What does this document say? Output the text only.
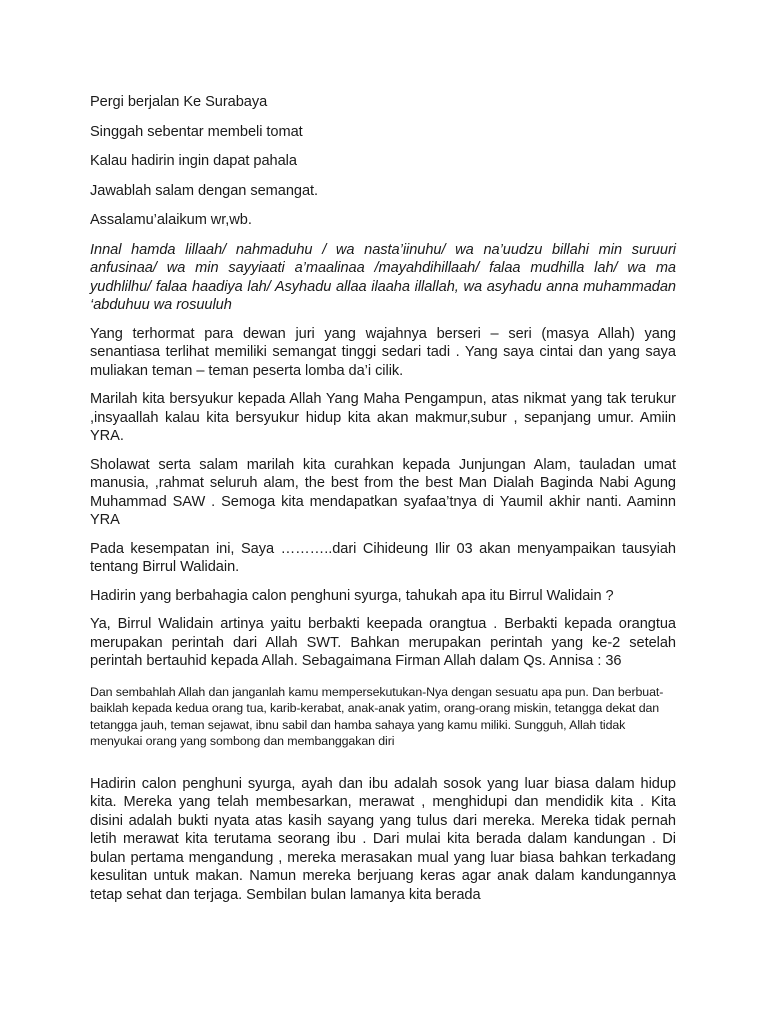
Pergi berjalan Ke Surabaya

Singgah sebentar membeli tomat

Kalau hadirin ingin dapat pahala

Jawablah salam dengan semangat.

Assalamu’alaikum wr,wb.

Innal hamda lillaah/ nahmaduhu / wa nasta’iinuhu/ wa na’uudzu billahi min suruuri anfusinaa/ wa min sayyiaati a’maalinaa /mayahdihillaah/ falaa mudhilla lah/ wa ma yudhlilhu/ falaa haadiya lah/ Asyhadu allaa ilaaha illallah, wa asyhadu anna muhammadan ‘abduhuu wa rosuuluh

Yang terhormat para dewan juri yang wajahnya berseri – seri (masya Allah) yang senantiasa terlihat memiliki semangat tinggi sedari tadi . Yang saya cintai dan yang saya muliakan teman – teman peserta lomba da’i cilik.

Marilah kita bersyukur kepada Allah Yang Maha Pengampun, atas nikmat yang tak terukur ,insyaallah kalau kita bersyukur hidup kita akan makmur,subur , sepanjang umur. Amiin YRA.

Sholawat serta salam marilah kita curahkan kepada Junjungan Alam, tauladan umat manusia, ,rahmat seluruh alam, the best from the best Man Dialah Baginda Nabi Agung Muhammad SAW . Semoga kita mendapatkan syafaa’tnya di Yaumil akhir nanti. Aaminn YRA

Pada kesempatan ini, Saya ………..dari Cihideung Ilir 03 akan menyampaikan tausyiah tentang Birrul Walidain.

Hadirin yang berbahagia calon penghuni syurga, tahukah apa itu Birrul Walidain ?

Ya, Birrul Walidain artinya yaitu berbakti keepada orangtua . Berbakti kepada orangtua merupakan perintah dari Allah SWT. Bahkan merupakan perintah yang ke-2 setelah perintah bertauhid kepada Allah. Sebagaimana Firman Allah dalam Qs. Annisa : 36

Dan sembahlah Allah dan janganlah kamu mempersekutukan-Nya dengan sesuatu apa pun. Dan berbuat-baiklah kepada kedua orang tua, karib-kerabat, anak-anak yatim, orang-orang miskin, tetangga dekat dan tetangga jauh, teman sejawat, ibnu sabil dan hamba sahaya yang kamu miliki. Sungguh, Allah tidak menyukai orang yang sombong dan membanggakan diri

Hadirin calon penghuni syurga, ayah dan ibu adalah sosok yang luar biasa dalam hidup kita. Mereka yang telah membesarkan, merawat , menghidupi dan mendidik kita . Kita disini adalah bukti nyata atas kasih sayang yang tulus dari mereka. Mereka tidak pernah letih merawat kita terutama seorang ibu . Dari mulai kita berada dalam kandungan . Di bulan pertama mengandung , mereka merasakan mual yang luar biasa bahkan terkadang kesulitan untuk makan. Namun mereka berjuang keras agar anak dalam kandungannya tetap sehat dan terjaga. Sembilan bulan lamanya kita berada
